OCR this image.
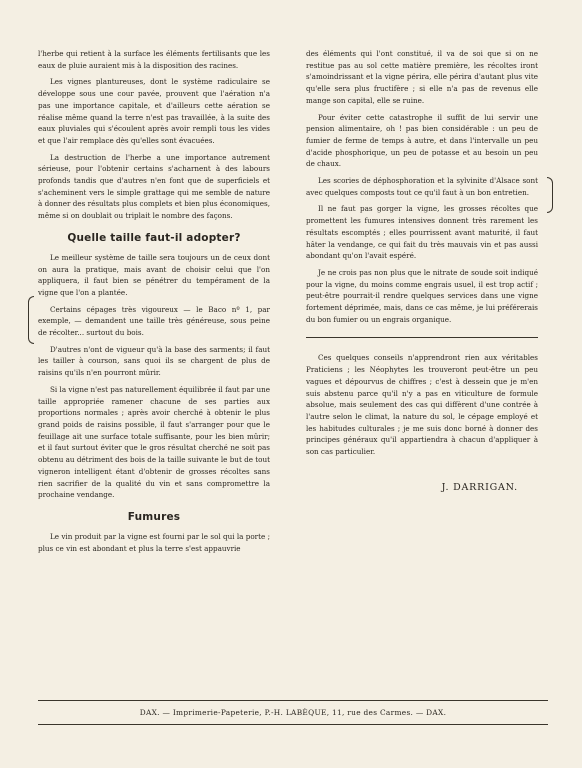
l'herbe qui retient à la surface les éléments fertilisants que les eaux de pluie auraient mis à la disposition des racines.

Les vignes plantureuses, dont le système radiculaire se développe sous une cour pavée, prouvent que l'aération n'a pas une importance capitale, et d'ailleurs cette aération se réalise même quand la terre n'est pas travaillée, à la suite des eaux pluviales qui s'écoulent après avoir rempli tous les vides et que l'air remplace dès qu'elles sont évacuées.

La destruction de l'herbe a une importance autrement sérieuse, pour l'obtenir certains s'acharnent à des labours profonds tandis que d'autres n'en font que de superficiels et s'acheminent vers le simple grattage qui me semble de nature à donner des résultats plus complets et bien plus économiques, même si on doublait ou triplait le nombre des façons.

Quelle taille faut-il adopter?

Le meilleur système de taille sera toujours un de ceux dont on aura la pratique, mais avant de choisir celui que l'on appliquera, il faut bien se pénétrer du tempérament de la vigne que l'on a plantée.

Certains cépages très vigoureux — le Baco nº 1, par exemple, — demandent une taille très généreuse, sous peine de récolter... surtout du bois.

D'autres n'ont de vigueur qu'à la base des sarments; il faut les tailler à courson, sans quoi ils se chargent de plus de raisins qu'ils n'en pourront mûrir.

Si la vigne n'est pas naturellement équilibrée il faut par une taille appropriée ramener chacune de ses parties aux proportions normales ; après avoir cherché à obtenir le plus grand poids de raisins possible, il faut s'arranger pour que le feuillage ait une surface totale suffisante, pour les bien mûrir; et il faut surtout éviter que le gros résultat cherché ne soit pas obtenu au détriment des bois de la taille suivante le but de tout vigneron intelligent étant d'obtenir de grosses récoltes sans rien sacrifier de la qualité du vin et sans compromettre la prochaine vendange.

Fumures

Le vin produit par la vigne est fourni par le sol qui la porte ; plus ce vin est abondant et plus la terre s'est appauvrie

des éléments qui l'ont constitué, il va de soi que si on ne restitue pas au sol cette matière première, les récoltes iront s'amoindrissant et la vigne périra, elle périra d'autant plus vite qu'elle sera plus fructifère ; si elle n'a pas de revenus elle mange son capital, elle se ruine.

Pour éviter cette catastrophe il suffit de lui servir une pension alimentaire, oh ! pas bien considérable : un peu de fumier de ferme de temps à autre, et dans l'intervalle un peu d'acide phosphorique, un peu de potasse et au besoin un peu de chaux.

Les scories de déphosphoration et la sylvinite d'Alsace sont avec quelques composts tout ce qu'il faut à un bon entretien.

Il ne faut pas gorger la vigne, les grosses récoltes que promettent les fumures intensives donnent très rarement les résultats escomptés ; elles pourrissent avant maturité, il faut hâter la vendange, ce qui fait du très mauvais vin et pas aussi abondant qu'on l'avait espéré.

Je ne crois pas non plus que le nitrate de soude soit indiqué pour la vigne, du moins comme engrais usuel, il est trop actif ; peut-être pourrait-il rendre quelques services dans une vigne fortement déprimée, mais, dans ce cas même, je lui préférerais du bon fumier ou un engrais organique.

Ces quelques conseils n'apprendront rien aux véritables Praticiens ; les Néophytes les trouveront peut-être un peu vagues et dépourvus de chiffres ; c'est à dessein que je m'en suis abstenu parce qu'il n'y a pas en viticulture de formule absolue, mais seulement des cas qui diffèrent d'une contrée à l'autre selon le climat, la nature du sol, le cépage employé et les habitudes culturales ; je me suis donc borné à donner des principes généraux qu'il appartiendra à chacun d'appliquer à son cas particulier.

J. DARRIGAN.
DAX. — Imprimerie-Papeterie, P.-H. LABÈQUE, 11, rue des Carmes. — DAX.
